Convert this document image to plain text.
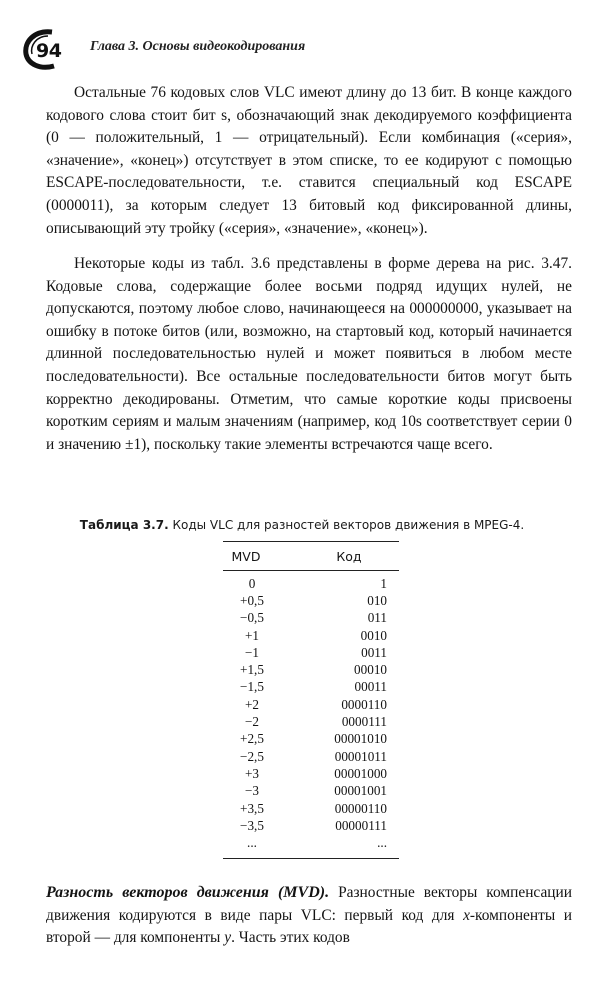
94 Глава 3. Основы видеокодирования

Остальные 76 кодовых слов VLC имеют длину до 13 бит. В конце каждого кодового слова стоит бит s, обозначающий знак декодируемого коэффициента (0 — положительный, 1 — отрицательный). Если комбинация («серия», «значение», «конец») отсутствует в этом списке, то ее кодируют с помощью ESCAPE-последовательности, т.е. ставится специальный код ESCAPE (0000011), за которым следует 13 битовый код фиксированной длины, описывающий эту тройку («серия», «значение», «конец»).

Некоторые коды из табл. 3.6 представлены в форме дерева на рис. 3.47. Кодовые слова, содержащие более восьми подряд идущих нулей, не допускаются, поэтому любое слово, начинающееся на 000000000, указывает на ошибку в потоке битов (или, возможно, на стартовый код, который начинается длинной последовательностью нулей и может появиться в любом месте последовательности). Все остальные последовательности битов могут быть корректно декодированы. Отметим, что самые короткие коды присвоены коротким сериям и малым значениям (например, код 10s соответствует серии 0 и значению ±1), поскольку такие элементы встречаются чаще всего.

Таблица 3.7. Коды VLC для разностей векторов движения в MPEG-4.
MVD	Код
0	1
+0,5	010
−0,5	011
+1	0010
−1	0011
+1,5	00010
−1,5	00011
+2	0000110
−2	0000111
+2,5	00001010
−2,5	00001011
+3	00001000
−3	00001001
+3,5	00000110
−3,5	00000111
...	...

Разность векторов движения (MVD). Разностные векторы компенсации движения кодируются в виде пары VLC: первый код для x-компоненты и второй — для компоненты y. Часть этих кодов
